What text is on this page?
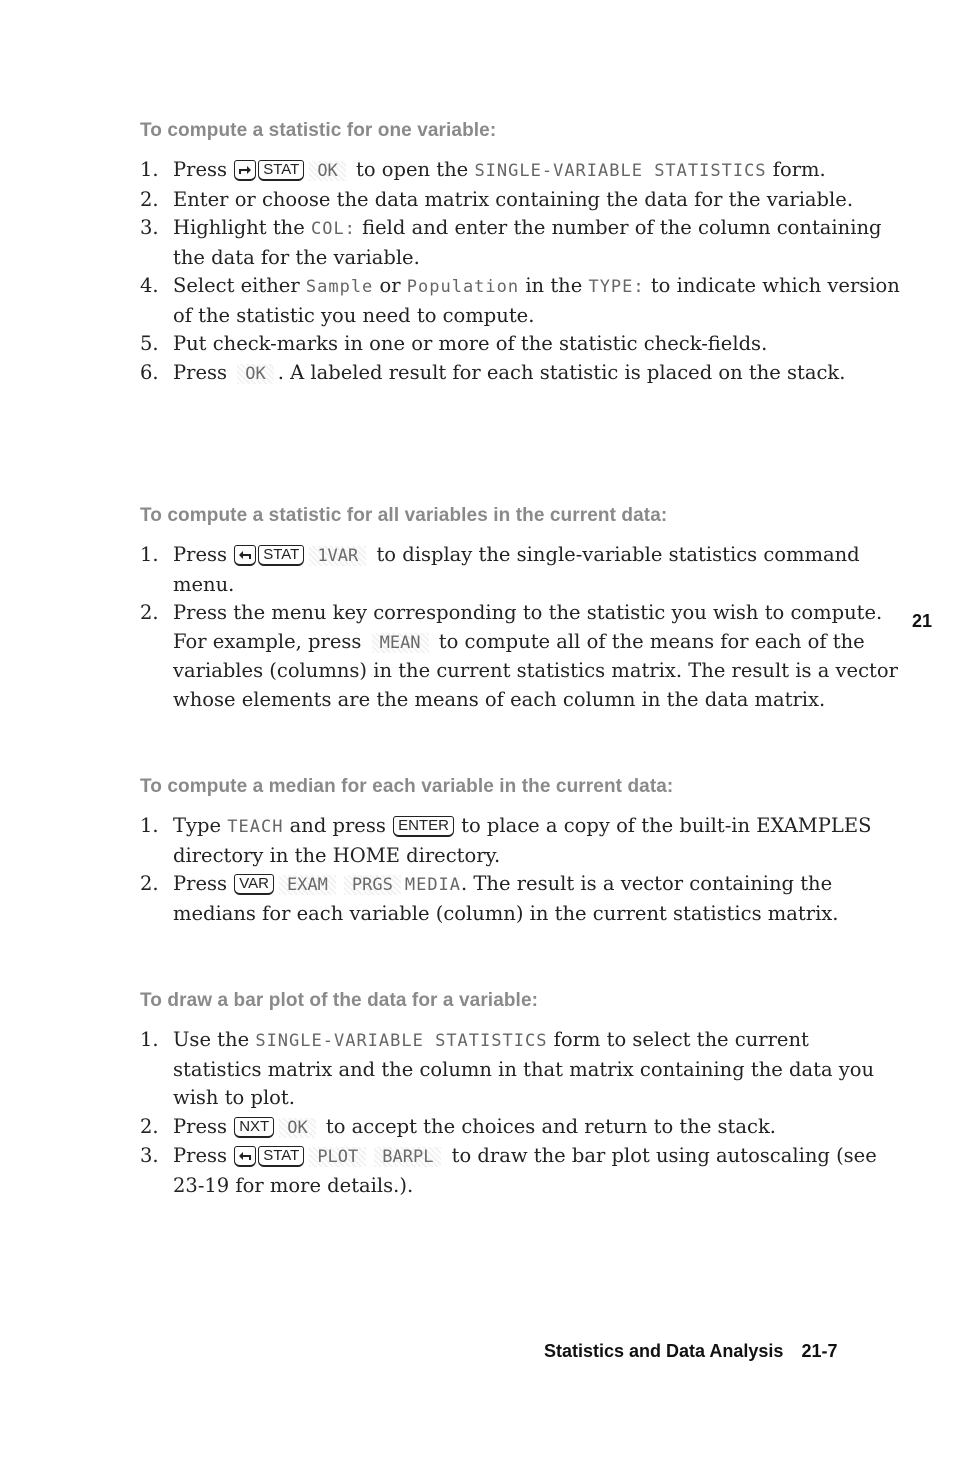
To compute a statistic for one variable:
1. Press STAT OK to open the SINGLE-VARIABLE STATISTICS form.
2. Enter or choose the data matrix containing the data for the variable.
3. Highlight the COL: field and enter the number of the column containing the data for the variable.
4. Select either Sample or Population in the TYPE: to indicate which version of the statistic you need to compute.
5. Put check-marks in one or more of the statistic check-fields.
6. Press OK . A labeled result for each statistic is placed on the stack.
To compute a statistic for all variables in the current data:
1. Press STAT 1VAR to display the single-variable statistics command menu.
2. Press the menu key corresponding to the statistic you wish to compute. For example, press MEAN to compute all of the means for each of the variables (columns) in the current statistics matrix. The result is a vector whose elements are the means of each column in the data matrix.
To compute a median for each variable in the current data:
1. Type TEACH and press ENTER to place a copy of the built-in EXAMPLES directory in the HOME directory.
2. Press VAR EXAM PRGS MEDIA. The result is a vector containing the medians for each variable (column) in the current statistics matrix.
To draw a bar plot of the data for a variable:
1. Use the SINGLE-VARIABLE STATISTICS form to select the current statistics matrix and the column in that matrix containing the data you wish to plot.
2. Press NXT OK to accept the choices and return to the stack.
3. Press STAT PLOT BARPL to draw the bar plot using autoscaling (see 23-19 for more details.).
21
Statistics and Data Analysis 21-7
